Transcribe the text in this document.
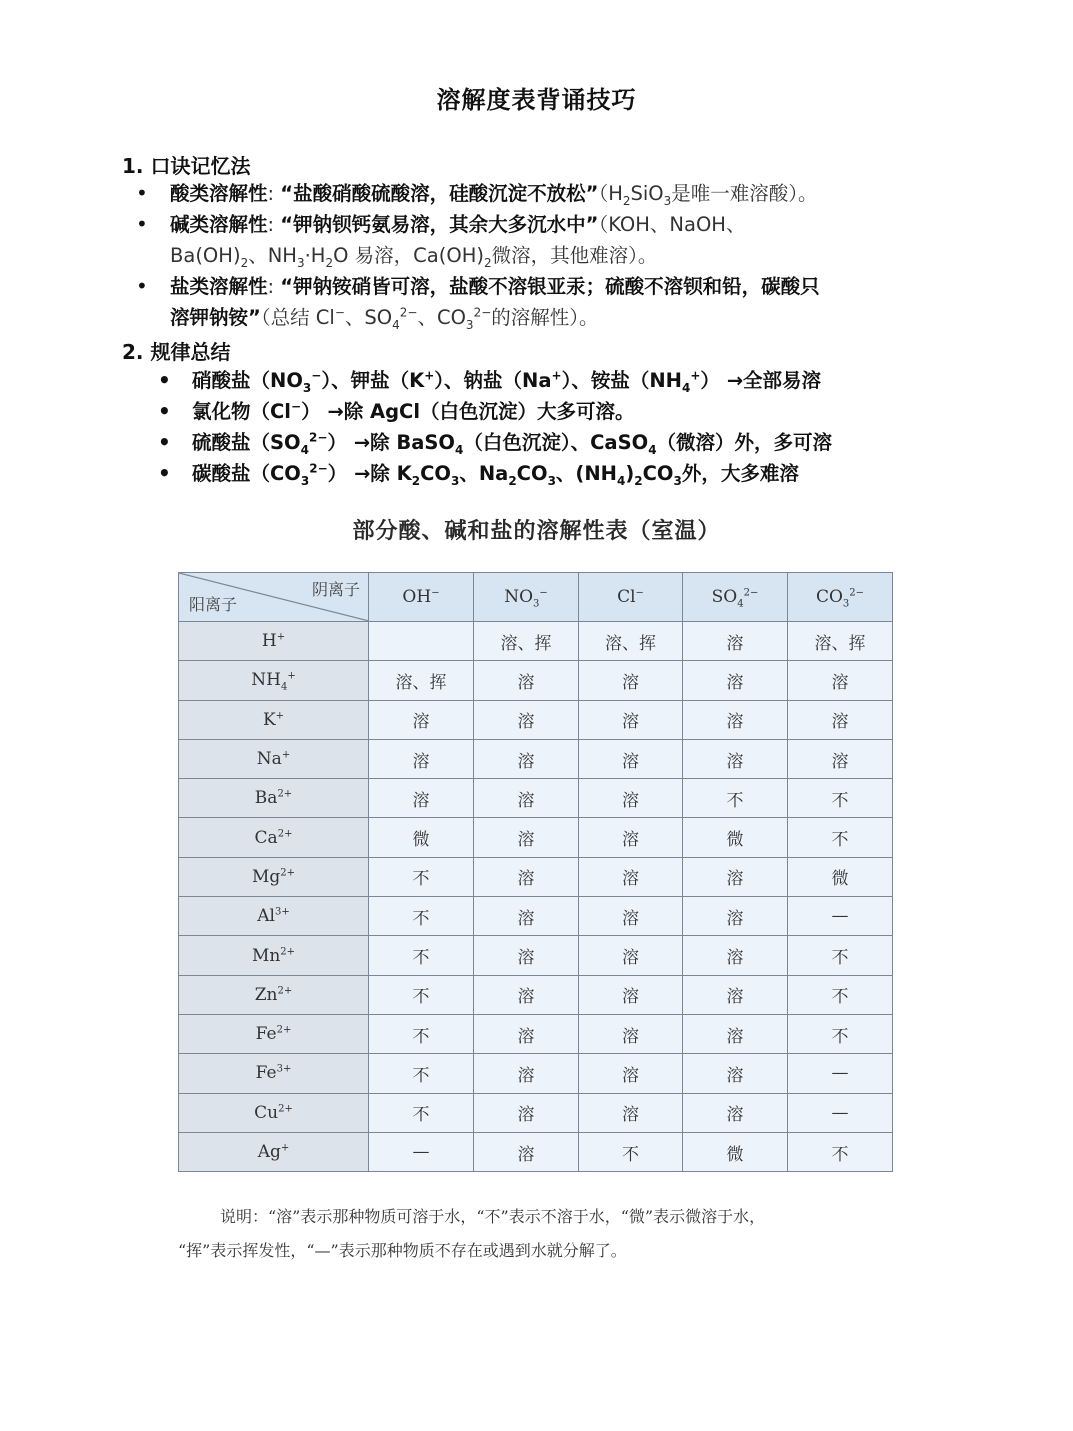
溶解度表背诵技巧
1. 口诀记忆法
• 酸类溶解性: “盐酸硝酸硫酸溶，硅酸沉淀不放松$”(H_2SiO_3$是唯一难溶酸）。
• 碱类溶解性: “钾钠钡钙氨易溶，其余大多沉水中”（KOH、NaOH、
$Ba(OH)_2$、$NH_3\cdot H_2O$ 易溶，$Ca(OH)_2$微溶，其他难溶）。
• 盐类溶解性: “钾钠铵硝皆可溶，盐酸不溶银亚汞；硫酸不溶钡和铅，碳酸只
溶钾钠铵”（总结 Cl−、$SO_4^{2-}$、$CO_3^{2-}$的溶解性）。
2. 规律总结
• 硝酸盐$(NO_3^-)$、钾盐（K+）、钠盐（Na+）、铵盐$(NH_4^+)$ →全部易溶
• 氯化物（Cl−） →除 AgCl（白色沉淀）大多可溶。
• 硫酸盐$(SO_4^{2-})$ →除 BaSO$_4$（白色沉淀）、CaSO$_4$（微溶）外，多可溶
• 碳酸盐$(CO_3^{2-})$ →除 $K_2CO_3$、$Na_2CO_3$、$(NH_4)_2CO_3$外，大多难溶
部分酸、碱和盐的溶解性表（室温）
阴离子
阳离子	OH−	$NO_3^-$	Cl−	$SO_4^{2-}$	$CO_3^{2-}$
H+		溶、挥	溶、挥	溶	溶、挥
$NH_4^+$	溶、挥	溶	溶	溶	溶
K+	溶	溶	溶	溶	溶
Na+	溶	溶	溶	溶	溶
$Ba^{2+}$	溶	溶	溶	不	不
$Ca^{2+}$	微	溶	溶	微	不
$Mg^{2+}$	不	溶	溶	溶	微
$Al^{3+}$	不	溶	溶	溶	—
$Mn^{2+}$	不	溶	溶	溶	不
$Zn^{2+}$	不	溶	溶	溶	不
$Fe^{2+}$	不	溶	溶	溶	不
$Fe^{3+}$	不	溶	溶	溶	—
$Cu^{2+}$	不	溶	溶	溶	—
Ag+	—	溶	不	微	不
说明：“溶”表示那种物质可溶于水，“不”表示不溶于水，“微”表示微溶于水，
“挥”表示挥发性，“—”表示那种物质不存在或遇到水就分解了。
